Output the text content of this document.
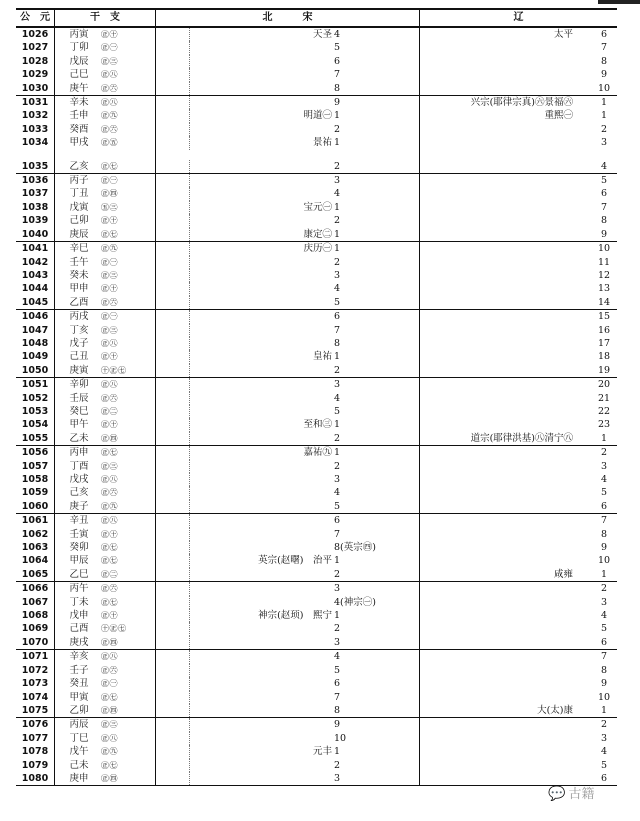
公　元	干　支	北　　　宋	辽
1026	丙寅 ㊣㊉	天圣 4	太平 6

1027	丁卯 ㊣㊀	5	7

1028	戊辰 ㊣㊂	6	8

1029	己巳 ㊣㊇	7	9

1030	庚午 ㊣㊅	8	10

1031	辛未 ㊣㊇	9	兴宗(耶律宗真)㊅景福㊅ 1

1032	壬申 ㊣㊈	明道㊀ 1	重熙㊀ 1

1033	癸酉 ㊣㊅	2	2

1034	甲戌 ㊣㊄	景祐 1	3

1035	乙亥 ㊣㊆	2	4

1036	丙子 ㊣㊀	3	5

1037	丁丑 ㊣㊃	4	6

1038	戊寅 ㊄㊂	宝元㊀ 1	7

1039	己卯 ㊣㊉	2	8

1040	庚辰 ㊣㊆	康定㊁ 1	9

1041	辛巳 ㊣㊈	庆历㊀ 1	10

1042	壬午 ㊣㊀	2	11

1043	癸未 ㊣㊂	3	12

1044	甲申 ㊣㊉	4	13

1045	乙酉 ㊣㊅	5	14

1046	丙戌 ㊣㊀	6	15

1047	丁亥 ㊣㊂	7	16

1048	戊子 ㊣㊇	8	17

1049	己丑 ㊣㊉	皇祐 1	18

1050	庚寅 ㊉㊣㊆	2	19

1051	辛卯 ㊣㊇	3	20

1052	壬辰 ㊣㊅	4	21

1053	癸巳 ㊣㊁	5	22

1054	甲午 ㊣㊉	至和㊂ 1	23

1055	乙未 ㊣㊃	2	道宗(耶律洪基)㊇清宁㊇ 1

1056	丙申 ㊣㊆	嘉祐㊈ 1	2

1057	丁酉 ㊣㊂	2	3

1058	戊戌 ㊣㊇	3	4

1059	己亥 ㊣㊅	4	5

1060	庚子 ㊣㊈	5	6

1061	辛丑 ㊣㊇	6	7

1062	壬寅 ㊣㊉	7	8

1063	癸卯 ㊣㊆	8(英宗㊃)	9

1064	甲辰 ㊣㊆	英宗(赵曙)　治平 1	10

1065	乙巳 ㊣㊁	2	咸雍 1

1066	丙午 ㊣㊅	3	2

1067	丁未 ㊣㊆	4(神宗㊀)	3

1068	戊申 ㊣㊉	神宗(赵顼)　熙宁 1	4

1069	己酉 ㊉㊣㊆	2	5

1070	庚戌 ㊣㊃	3	6

1071	辛亥 ㊣㊇	4	7

1072	壬子 ㊣㊅	5	8

1073	癸丑 ㊣㊀	6	9

1074	甲寅 ㊣㊆	7	10

1075	乙卯 ㊣㊃	8	大(太)康 1

1076	丙辰 ㊣㊂	9	2

1077	丁巳 ㊣㊇	10	3

1078	戊午 ㊣㊈	元丰 1	4

1079	己未 ㊣㊆	2	5

1080	庚申 ㊣㊃	3	6
💬 古籍
